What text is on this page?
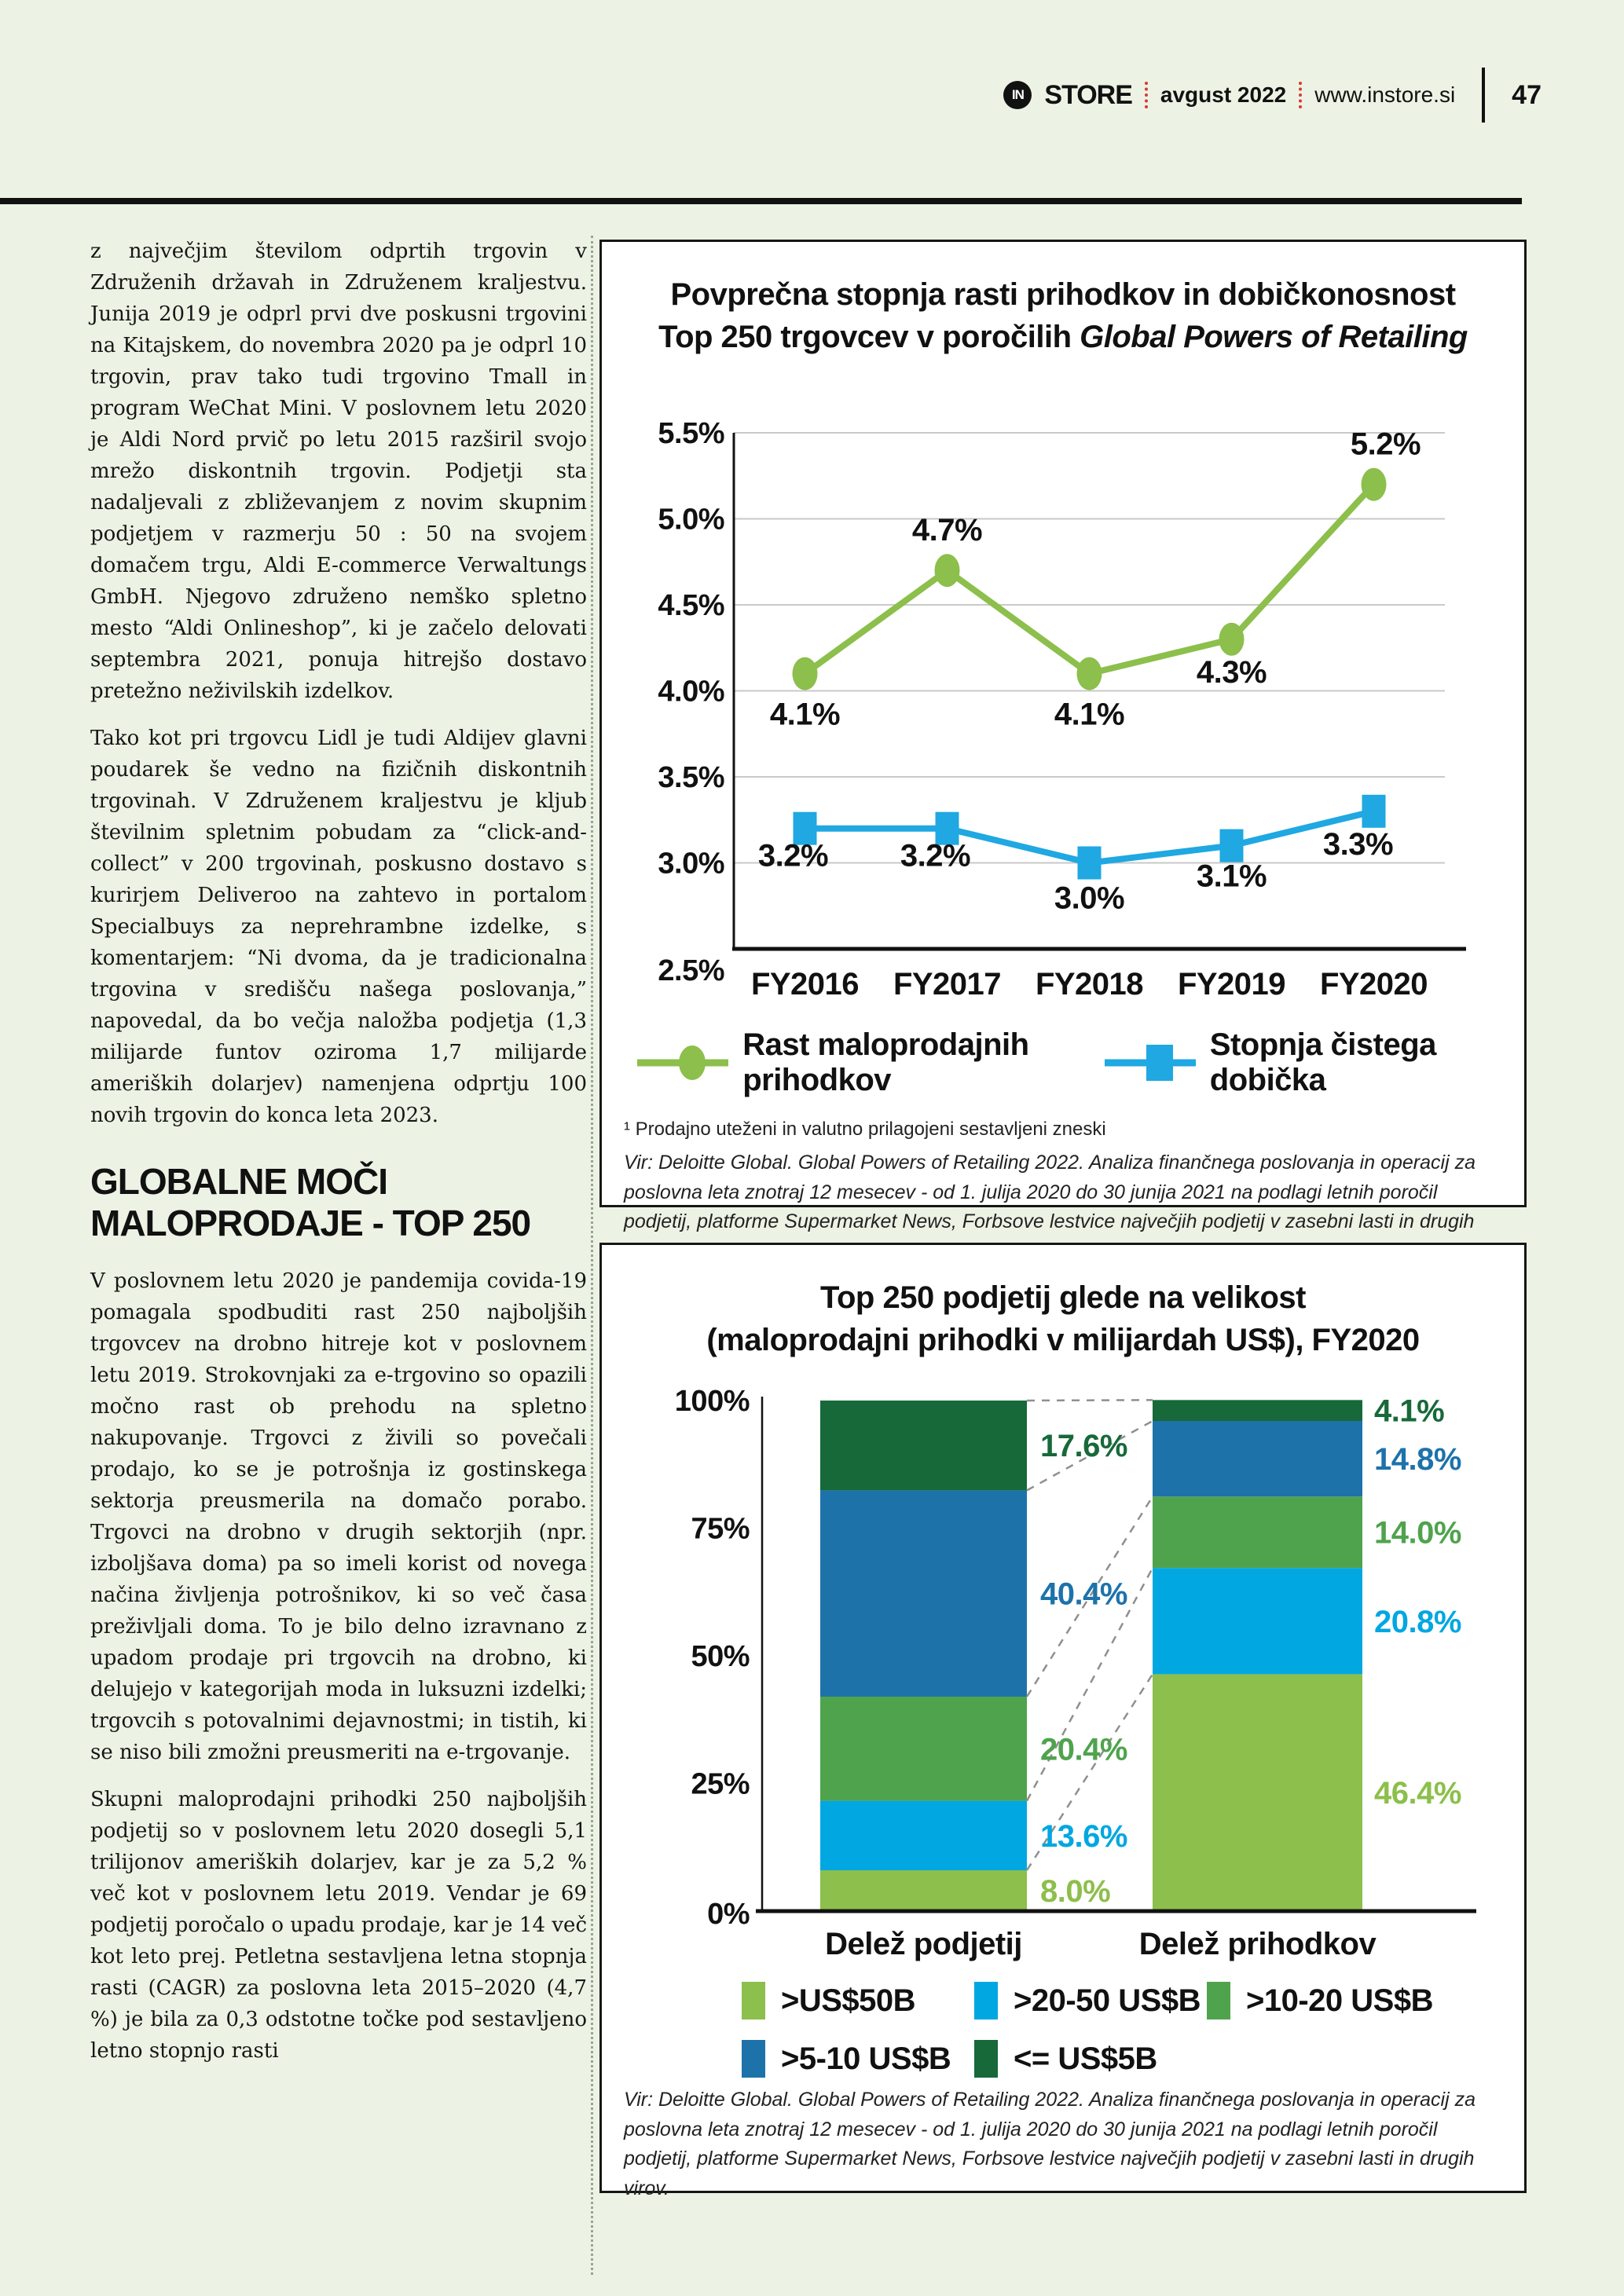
IN STORE avgust 2022 www.instore.si 47

z največjim številom odprtih trgovin v Združenih državah in Združenem kraljestvu. Junija 2019 je odprl prvi dve poskusni trgovini na Kitajskem, do novembra 2020 pa je odprl 10 trgovin, prav tako tudi trgovino Tmall in program WeChat Mini. V poslovnem letu 2020 je Aldi Nord prvič po letu 2015 razširil svojo mrežo diskontnih trgovin. Podjetji sta nadaljevali z zbliževanjem z novim skupnim podjetjem v razmerju 50 : 50 na svojem domačem trgu, Aldi E-commerce Verwaltungs GmbH. Njegovo združeno nemško spletno mesto “Aldi Onlineshop”, ki je začelo delovati septembra 2021, ponuja hitrejšo dostavo pretežno neživilskih izdelkov.

Tako kot pri trgovcu Lidl je tudi Aldijev glavni poudarek še vedno na fizičnih diskontnih trgovinah. V Združenem kraljestvu je kljub številnim spletnim pobudam za “click-and-collect” v 200 trgovinah, poskusno dostavo s kurirjem Deliveroo na zahtevo in portalom Specialbuys za neprehrambne izdelke, s komentarjem: “Ni dvoma, da je tradicionalna trgovina v središču našega poslovanja,” napovedal, da bo večja naložba podjetja (1,3 milijarde funtov oziroma 1,7 milijarde ameriških dolarjev) namenjena odprtju 100 novih trgovin do konca leta 2023.

GLOBALNE MOČI
MALOPRODAJE - TOP 250

V poslovnem letu 2020 je pandemija covida-19 pomagala spodbuditi rast 250 najboljših trgovcev na drobno hitreje kot v poslovnem letu 2019. Strokovnjaki za e-trgovino so opazili močno rast ob prehodu na spletno nakupovanje. Trgovci z živili so povečali prodajo, ko se je potrošnja iz gostinskega sektorja preusmerila na domačo porabo. Trgovci na drobno v drugih sektorjih (npr. izboljšava doma) pa so imeli korist od novega načina življenja potrošnikov, ki so več časa preživljali doma. To je bilo delno izravnano z upadom prodaje pri trgovcih na drobno, ki delujejo v kategorijah moda in luksuzni izdelki; trgovcih s potovalnimi dejavnostmi; in tistih, ki se niso bili zmožni preusmeriti na e-trgovanje.

Skupni maloprodajni prihodki 250 najboljših podjetij so v poslovnem letu 2020 dosegli 5,1 trilijonov ameriških dolarjev, kar je za 5,2 % več kot v poslovnem letu 2019. Vendar je 69 podjetij poročalo o upadu prodaje, kar je 14 več kot leto prej. Petletna sestavljena letna stopnja rasti (CAGR) za poslovna leta 2015–2020 (4,7 %) je bila za 0,3 odstotne točke pod sestavljeno letno stopnjo rasti

Povprečna stopnja rasti prihodkov in dobičkonosnost
Top 250 trgovcev v poročilih Global Powers of Retailing
5.5%
5.0%
4.5%
4.0%
3.5%
3.0%
2.5% FY2016 FY2017 FY2018 FY2019 FY2020
4.1%
4.7%
4.1%
4.3%
5.2%
3.2% 3.2%
3.0%
3.1%
3.3%
Rast maloprodajnih prihodkov
Stopnja čistega dobička
¹ Prodajno uteženi in valutno prilagojeni sestavljeni zneski
Vir: Deloitte Global. Global Powers of Retailing 2022. Analiza finančnega poslovanja in operacij za poslovna leta znotraj 12 mesecev - od 1. julija 2020 do 30 junija 2021 na podlagi letnih poročil podjetij, platforme Supermarket News, Forbsove lestvice največjih podjetij v zasebni lasti in drugih
Top 250 podjetij glede na velikost
(maloprodajni prihodki v milijardah US$), FY2020
100%
75%
50%
25%
0%
8.0%
46.4%
13.6%
20.8%
20.4%
14.0%
40.4%
14.8%
17.6%
4.1%
Delež podjetij	Delež prihodkov
>US$50B	>20-50 US$B >10-20 US$B
>5-10 US$B <= US$5B
Vir: Deloitte Global. Global Powers of Retailing 2022. Analiza finančnega poslovanja in operacij za poslovna leta znotraj 12 mesecev - od 1. julija 2020 do 30 junija 2021 na podlagi letnih poročil podjetij, platforme Supermarket News, Forbsove lestvice največjih podjetij v zasebni lasti in drugih virov.
